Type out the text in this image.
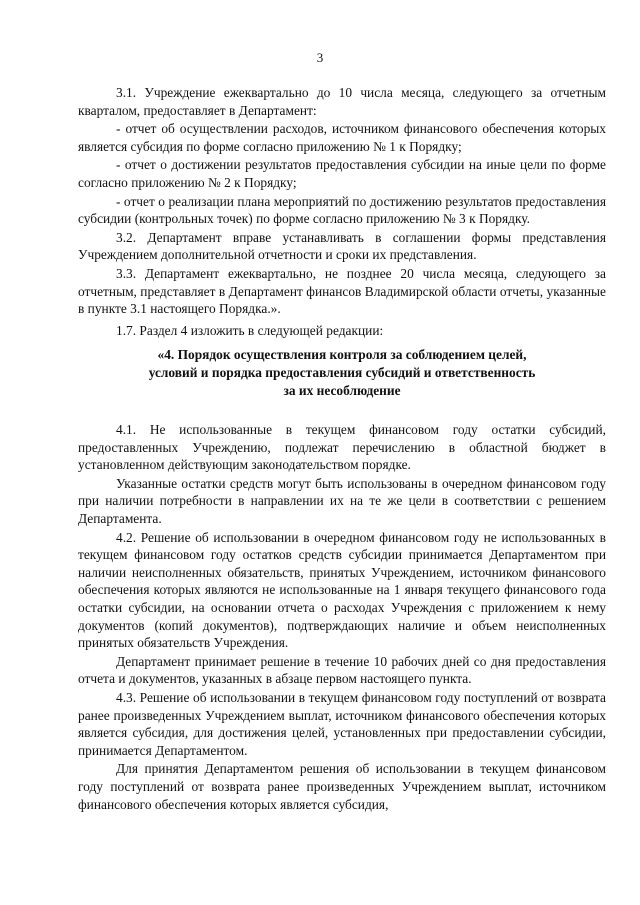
3

3.1. Учреждение ежеквартально до 10 числа месяца, следующего за отчетным кварталом, предоставляет в Департамент:

- отчет об осуществлении расходов, источником финансового обеспечения которых является субсидия по форме согласно приложению № 1 к Порядку;

- отчет о достижении результатов предоставления субсидии на иные цели по форме согласно приложению № 2 к Порядку;

- отчет о реализации плана мероприятий по достижению результатов предоставления субсидии (контрольных точек) по форме согласно приложению № 3 к Порядку.

3.2. Департамент вправе устанавливать в соглашении формы представления Учреждением дополнительной отчетности и сроки их представления.

3.3. Департамент ежеквартально, не позднее 20 числа месяца, следующего за отчетным, представляет в Департамент финансов Владимирской области отчеты, указанные в пункте 3.1 настоящего Порядка.».

1.7. Раздел 4 изложить в следующей редакции:

«4. Порядок осуществления контроля за соблюдением целей,
условий и порядка предоставления субсидий и ответственность
за их несоблюдение

4.1. Не использованные в текущем финансовом году остатки субсидий, предоставленных Учреждению, подлежат перечислению в областной бюджет в установленном действующим законодательством порядке.

Указанные остатки средств могут быть использованы в очередном финансовом году при наличии потребности в направлении их на те же цели в соответствии с решением Департамента.

4.2. Решение об использовании в очередном финансовом году не использованных в текущем финансовом году остатков средств субсидии принимается Департаментом при наличии неисполненных обязательств, принятых Учреждением, источником финансового обеспечения которых являются не использованные на 1 января текущего финансового года остатки субсидии, на основании отчета о расходах Учреждения с приложением к нему документов (копий документов), подтверждающих наличие и объем неисполненных принятых обязательств Учреждения.

Департамент принимает решение в течение 10 рабочих дней со дня предоставления отчета и документов, указанных в абзаце первом настоящего пункта.

4.3. Решение об использовании в текущем финансовом году поступлений от возврата ранее произведенных Учреждением выплат, источником финансового обеспечения которых является субсидия, для достижения целей, установленных при предоставлении субсидии, принимается Департаментом.

Для принятия Департаментом решения об использовании в текущем финансовом году поступлений от возврата ранее произведенных Учреждением выплат, источником финансового обеспечения которых является субсидия,
